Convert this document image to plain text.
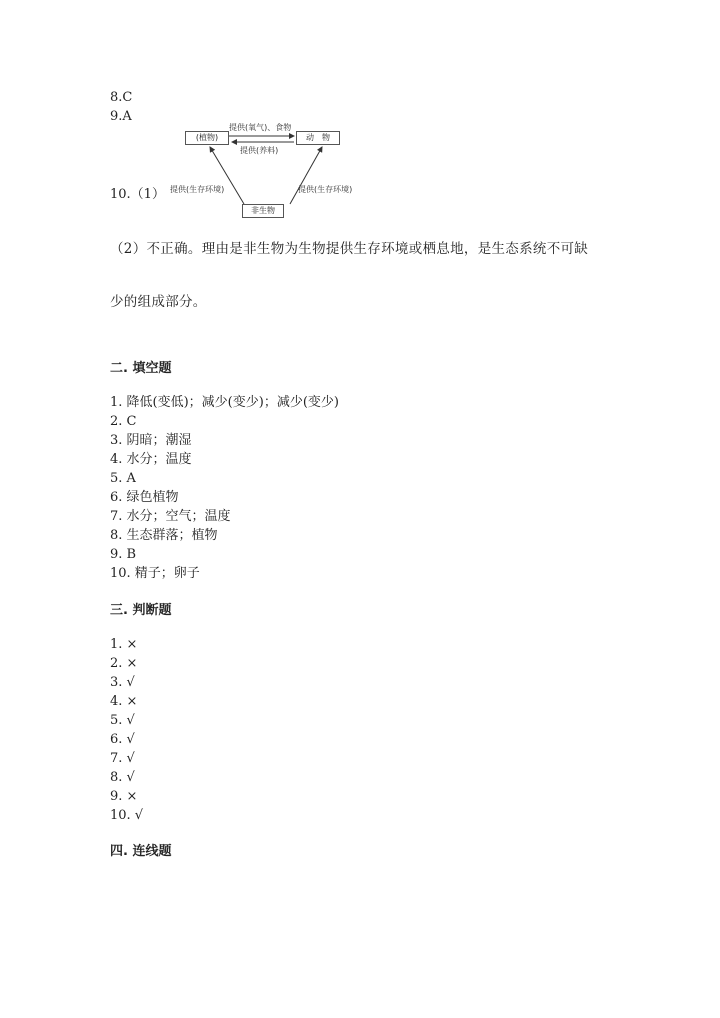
8.C
9.A
(植物)	动　物
非生物
提供(氧气)、食物
提供(养料)
提供(生存环境)	提供(生存环境)
10.（1）
（2）不正确。理由是非生物为生物提供生存环境或栖息地，是生态系统不可缺
少的组成部分。
二. 填空题
1. 降低(变低)；减少(变少)；减少(变少)
2. C
3. 阴暗；潮湿
4. 水分；温度
5. A
6. 绿色植物
7. 水分；空气；温度
8. 生态群落；植物
9. B
10. 精子；卵子
三. 判断题
1. ×
2. ×
3. √
4. ×
5. √
6. √
7. √
8. √
9. ×
10. √
四. 连线题
